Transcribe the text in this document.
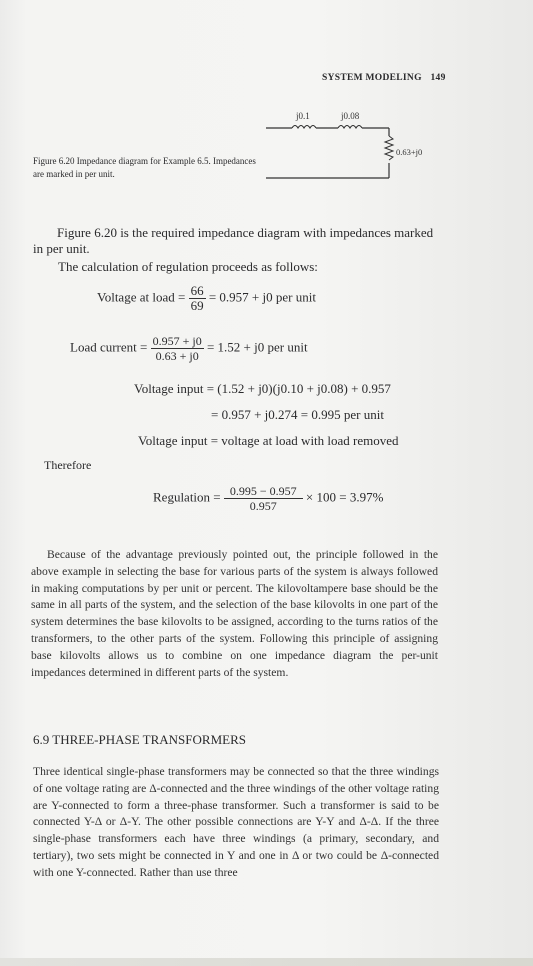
SYSTEM MODELING 149
j0.1	j0.08
0.63+j0
Figure 6.20 Impedance diagram for Example 6.5. Impedances are marked in per unit.
Figure 6.20 is the required impedance diagram with impedances marked in per unit.
The calculation of regulation proceeds as follows:
Voltage at load = $\frac{66}{69} = 0.957 + j0$ per unit
Load current = $\frac{0.957 + j0}{0.63 + j0} = 1.52 + j0$ per unit
Voltage input = (1.52 + j0)(j0.10 + j0.08) + 0.957
= 0.957 + j0.274 = 0.995 per unit
Voltage input = voltage at load with load removed
Therefore
Regulation = $\frac{0.995 - 0.957}{0.957} \times 100 = 3.97\%$
Because of the advantage previously pointed out, the principle followed in the above example in selecting the base for various parts of the system is always followed in making computations by per unit or percent. The kilovoltampere base should be the same in all parts of the system, and the selection of the base kilovolts in one part of the system determines the base kilovolts to be assigned, according to the turns ratios of the transformers, to the other parts of the system. Following this principle of assigning base kilovolts allows us to combine on one impedance diagram the per-unit impedances determined in different parts of the system.
6.9 THREE-PHASE TRANSFORMERS
Three identical single-phase transformers may be connected so that the three windings of one voltage rating are Δ-connected and the three windings of the other voltage rating are Y-connected to form a three-phase transformer. Such a transformer is said to be connected Y-Δ or Δ-Y. The other possible connections are Y-Y and Δ-Δ. If the three single-phase transformers each have three windings (a primary, secondary, and tertiary), two sets might be connected in Y and one in Δ or two could be Δ-connected with one Y-connected. Rather than use three
